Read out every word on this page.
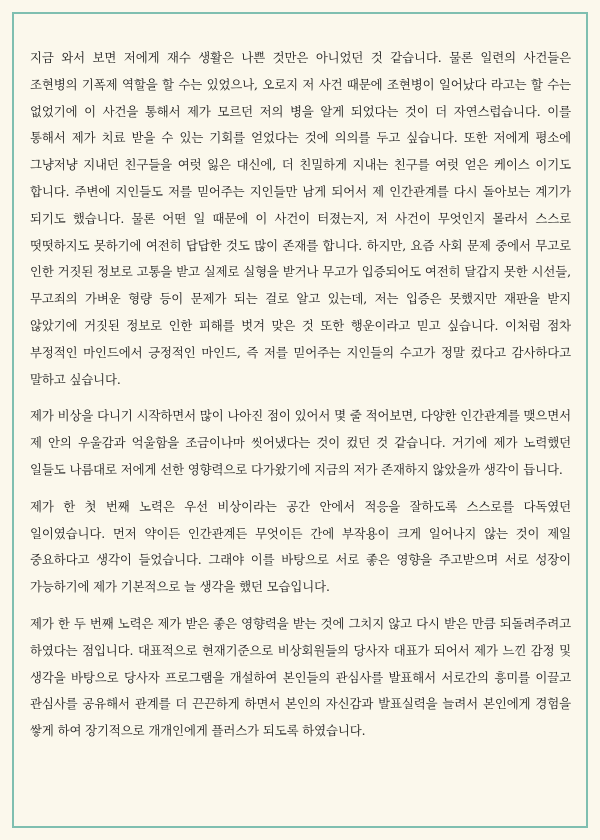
지금 와서 보면 저에게 재수 생활은 나쁜 것만은 아니었던 것 같습니다. 물론 일련의 사건들은 조현병의 기폭제 역할을 할 수는 있었으나, 오로지 저 사건 때문에 조현병이 일어났다 라고는 할 수는 없었기에 이 사건을 통해서 제가 모르던 저의 병을 알게 되었다는 것이 더 자연스럽습니다. 이를 통해서 제가 치료 받을 수 있는 기회를 얻었다는 것에 의의를 두고 싶습니다. 또한 저에게 평소에 그냥저냥 지내던 친구들을 여럿 잃은 대신에, 더 친밀하게 지내는 친구를 여럿 얻은 케이스 이기도 합니다. 주변에 지인들도 저를 믿어주는 지인들만 남게 되어서 제 인간관계를 다시 돌아보는 계기가 되기도 했습니다. 물론 어떤 일 때문에 이 사건이 터졌는지, 저 사건이 무엇인지 몰라서 스스로 떳떳하지도 못하기에 여전히 답답한 것도 많이 존재를 합니다. 하지만, 요즘 사회 문제 중에서 무고로 인한 거짓된 정보로 고통을 받고 실제로 실형을 받거나 무고가 입증되어도 여전히 달갑지 못한 시선들, 무고죄의 가벼운 형량 등이 문제가 되는 걸로 알고 있는데, 저는 입증은 못했지만 재판을 받지 않았기에 거짓된 정보로 인한 피해를 벗겨 맞은 것 또한 행운이라고 믿고 싶습니다. 이처럼 점차 부정적인 마인드에서 긍정적인 마인드, 즉 저를 믿어주는 지인들의 수고가 정말 컸다고 감사하다고 말하고 싶습니다.

제가 비상을 다니기 시작하면서 많이 나아진 점이 있어서 몇 줄 적어보면, 다양한 인간관계를 맺으면서 제 안의 우울감과 억울함을 조금이나마 씻어냈다는 것이 컸던 것 같습니다. 거기에 제가 노력했던 일들도 나름대로 저에게 선한 영향력으로 다가왔기에 지금의 저가 존재하지 않았을까 생각이 듭니다.

제가 한 첫 번째 노력은 우선 비상이라는 공간 안에서 적응을 잘하도록 스스로를 다독였던 일이였습니다. 먼저 약이든 인간관계든 무엇이든 간에 부작용이 크게 일어나지 않는 것이 제일 중요하다고 생각이 들었습니다. 그래야 이를 바탕으로 서로 좋은 영향을 주고받으며 서로 성장이 가능하기에 제가 기본적으로 늘 생각을 했던 모습입니다.

제가 한 두 번째 노력은 제가 받은 좋은 영향력을 받는 것에 그치지 않고 다시 받은 만큼 되돌려주려고 하였다는 점입니다. 대표적으로 현재기준으로 비상회원들의 당사자 대표가 되어서 제가 느낀 감정 및 생각을 바탕으로 당사자 프로그램을 개설하여 본인들의 관심사를 발표해서 서로간의 흥미를 이끌고 관심사를 공유해서 관계를 더 끈끈하게 하면서 본인의 자신감과 발표실력을 늘려서 본인에게 경험을 쌓게 하여 장기적으로 개개인에게 플러스가 되도록 하였습니다.
